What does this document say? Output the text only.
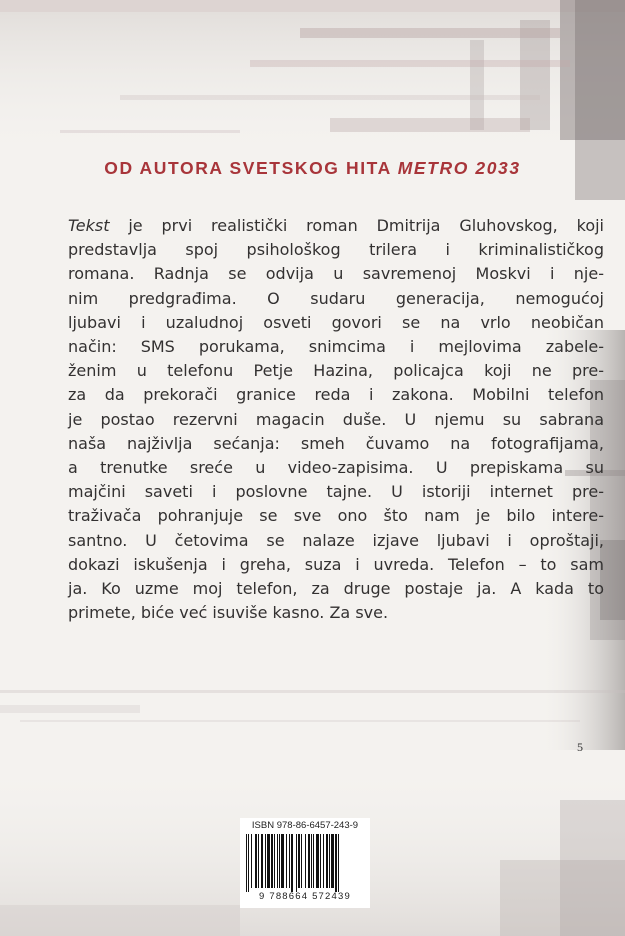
OD AUTORA SVETSKOG HITA METRO 2033
Tekst je prvi realistički roman Dmitrija Gluhovskog, koji
predstavlja spoj psihološkog trilera i kriminalističkog
romana. Radnja se odvija u savremenoj Moskvi i nje-
nim predgrađima. O sudaru generacija, nemogućoj
ljubavi i uzaludnoj osveti govori se na vrlo neobičan
način: SMS porukama, snimcima i mejlovima zabele-
ženim u telefonu Petje Hazina, policajca koji ne pre-
za da prekorači granice reda i zakona. Mobilni telefon
je postao rezervni magacin duše. U njemu su sabrana
naša najživlja sećanja: smeh čuvamo na fotografijama,
a trenutke sreće u video-zapisima. U prepiskama su
majčini saveti i poslovne tajne. U istoriji internet pre-
traživača pohranjuje se sve ono što nam je bilo intere-
santno. U četovima se nalaze izjave ljubavi i oproštaji,
dokazi iskušenja i greha, suza i uvreda. Telefon – to sam
ja. Ko uzme moj telefon, za druge postaje ja. A kada to
primete, biće već isuviše kasno. Za sve.
5
ISBN 978-86-6457-243-9
9 788664 572439
